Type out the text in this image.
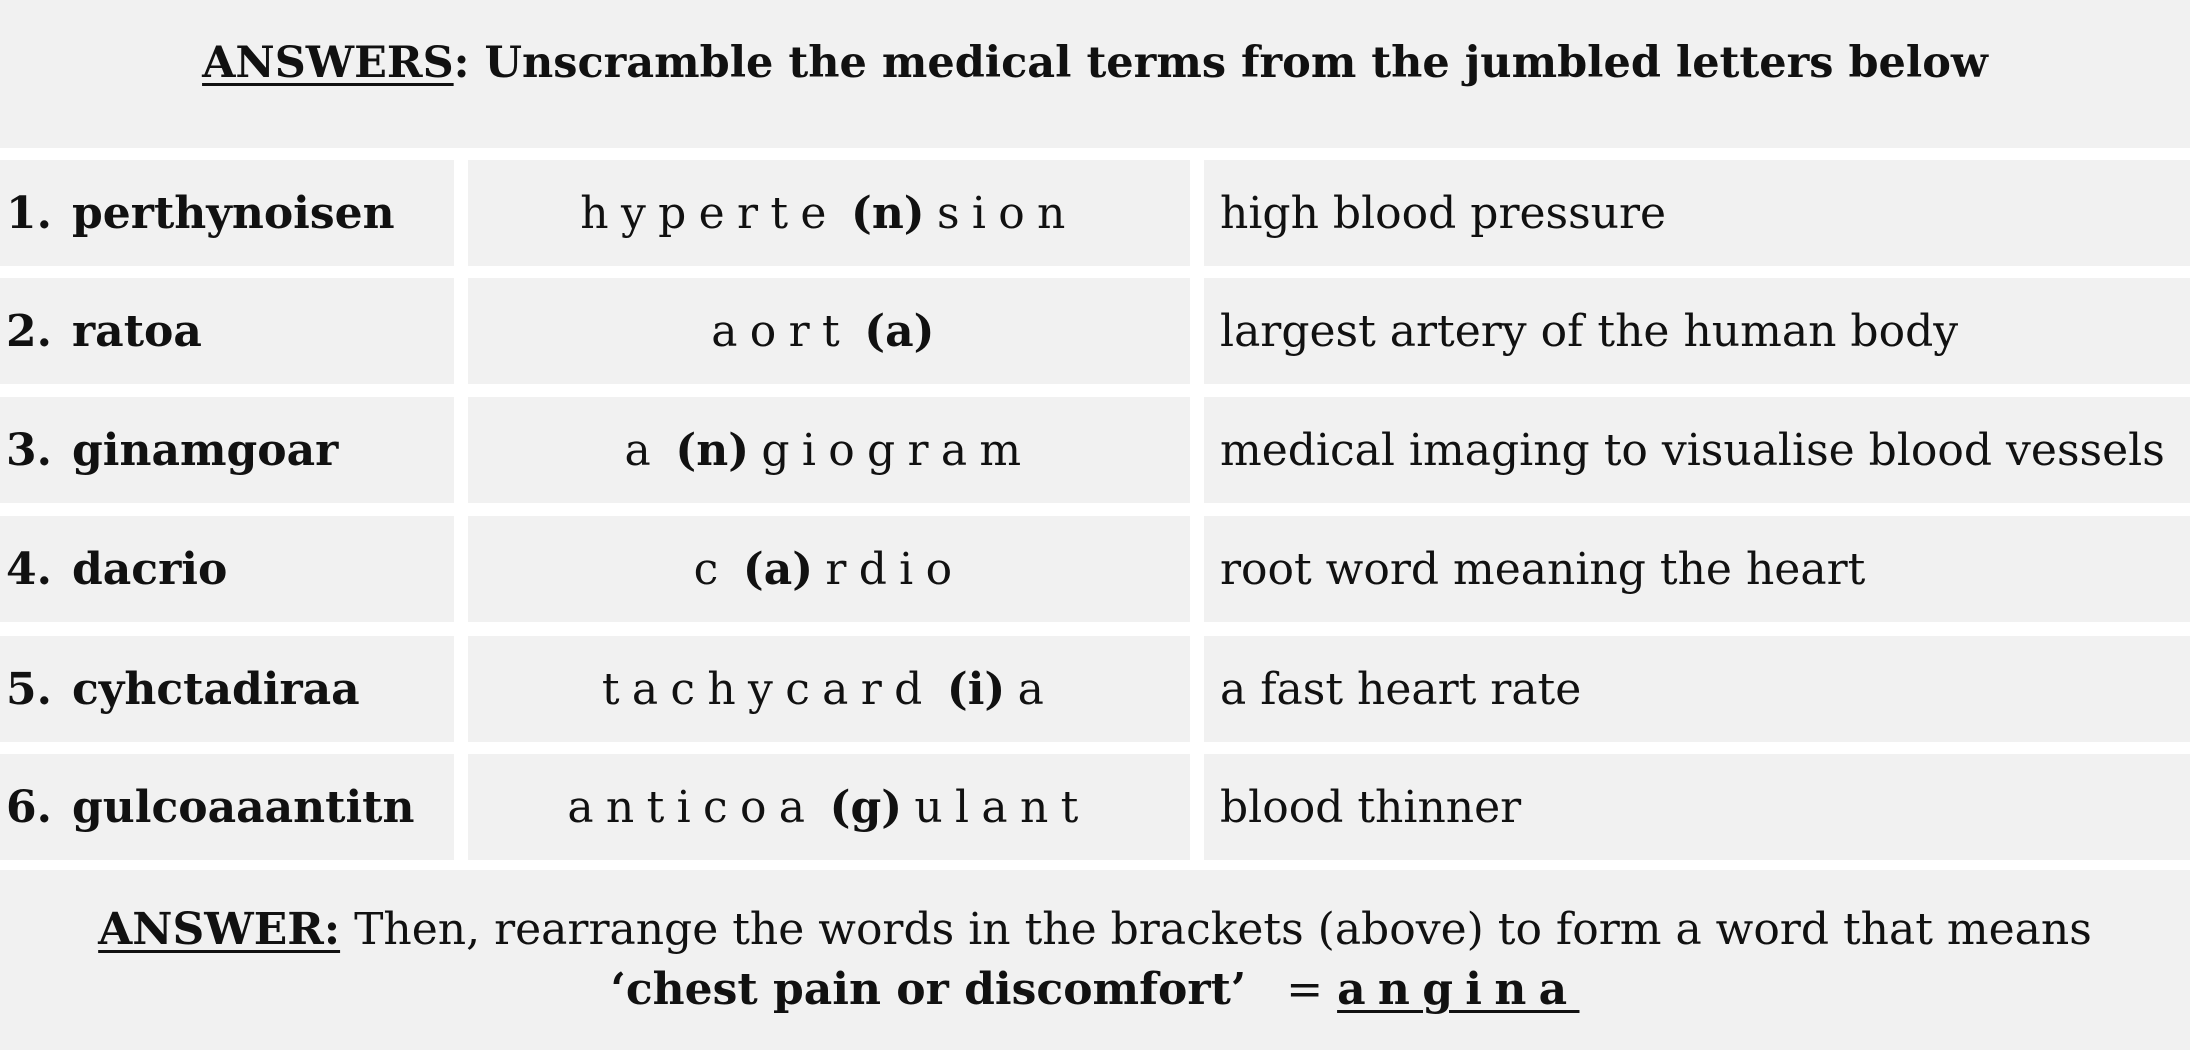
ANSWERS: Unscramble the medical terms from the jumbled letters below
1. perthynoisen	hyperte (n) sion	high blood pressure
2. ratoa	aort (a)	largest artery of the human body
3. ginamgoar	a (n) giogram	medical imaging to visualise blood vessels
4. dacrio	c (a) rdio	root word meaning the heart
5. cyhctadiraa	tachycard (i) a	a fast heart rate
6. gulcoaaantitn	anticoa (g) ulant	blood thinner
ANSWER: Then, rearrange the words in the brackets (above) to form a word that means
‘chest pain or discomfort’ = angina
